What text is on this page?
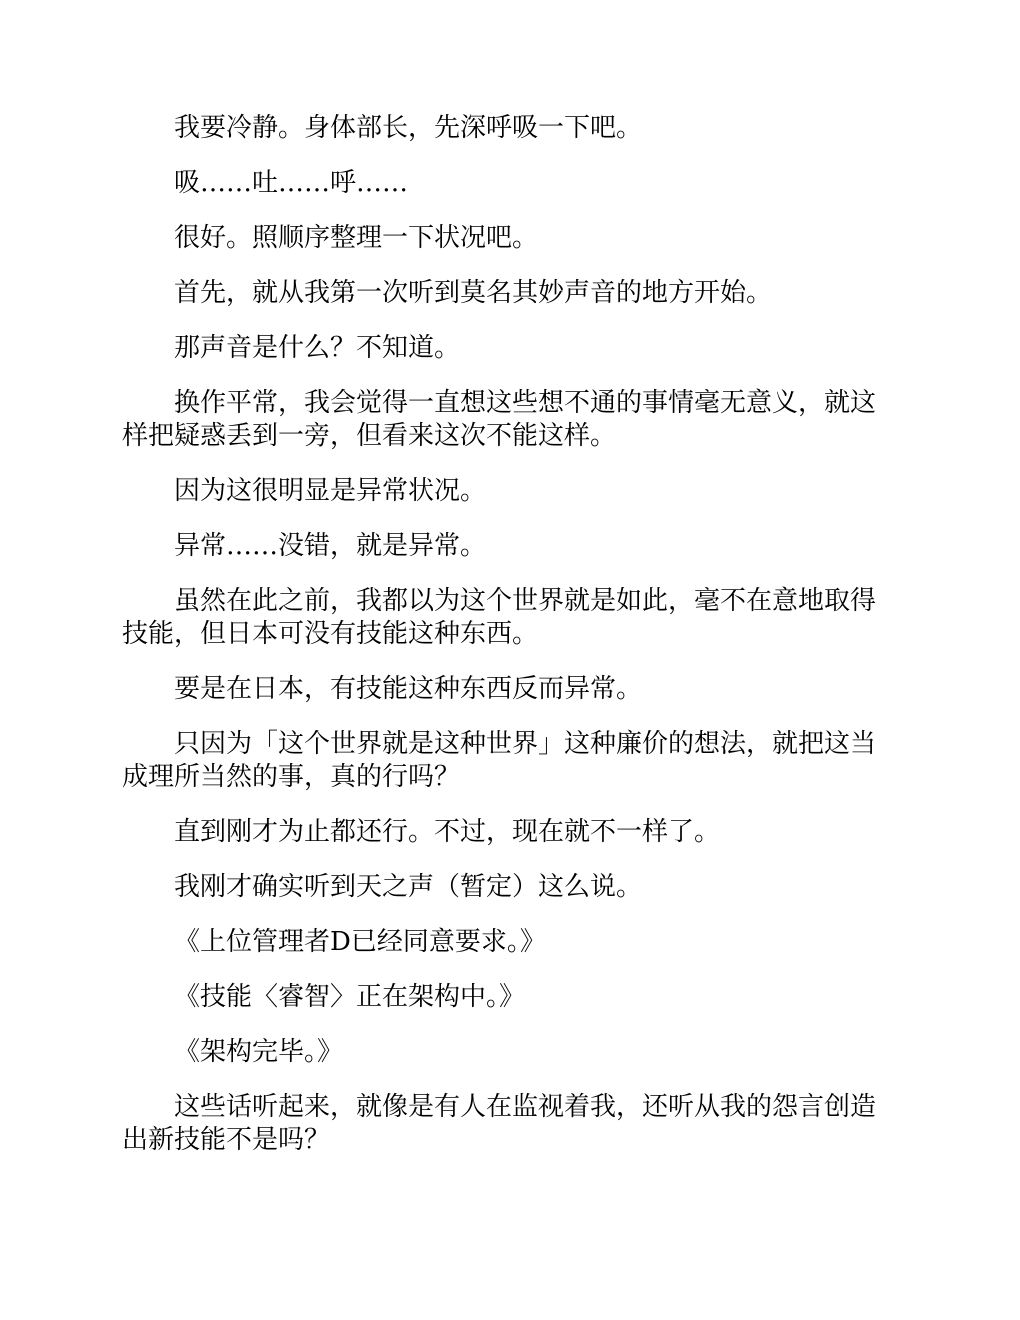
我要冷静。身体部长，先深呼吸一下吧。

吸……吐……呼……

很好。照顺序整理一下状况吧。

首先，就从我第一次听到莫名其妙声音的地方开始。

那声音是什么？不知道。

换作平常，我会觉得一直想这些想不通的事情毫无意义，就这样把疑惑丢到一旁，但看来这次不能这样。

因为这很明显是异常状况。

异常……没错，就是异常。

虽然在此之前，我都以为这个世界就是如此，毫不在意地取得技能，但日本可没有技能这种东西。

要是在日本，有技能这种东西反而异常。

只因为「这个世界就是这种世界」这种廉价的想法，就把这当成理所当然的事，真的行吗？

直到刚才为止都还行。不过，现在就不一样了。

我刚才确实听到天之声（暂定）这么说。

《上位管理者D已经同意要求。》

《技能〈睿智〉正在架构中。》

《架构完毕。》

这些话听起来，就像是有人在监视着我，还听从我的怨言创造出新技能不是吗？
